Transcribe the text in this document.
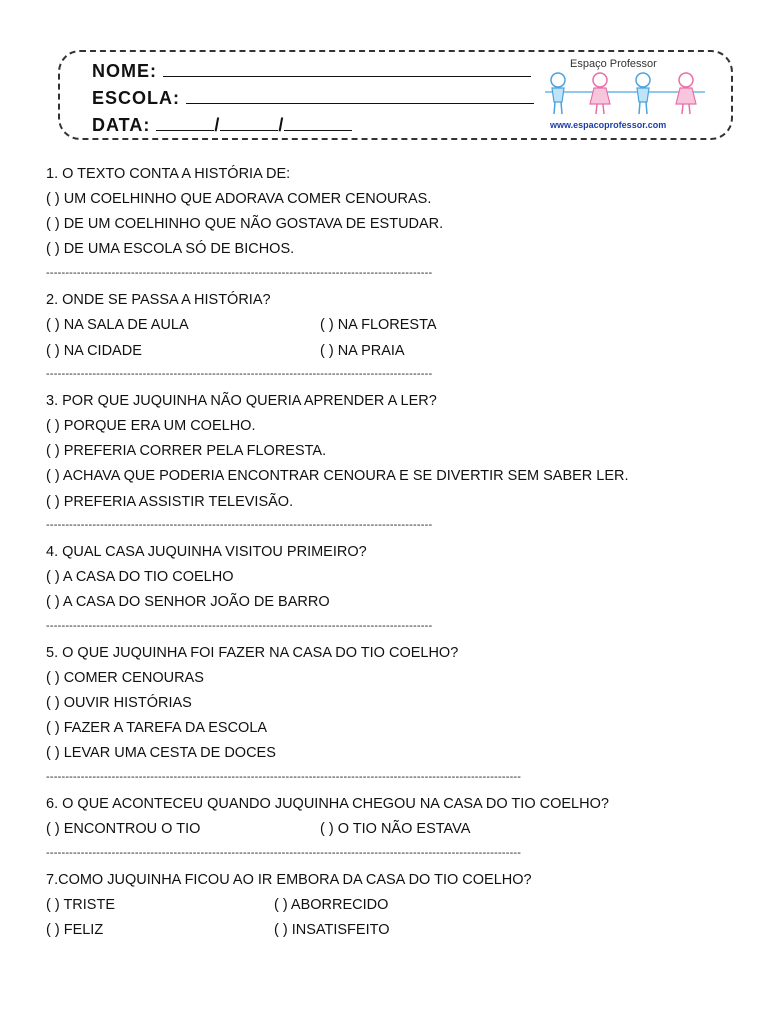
NOME:
ESCOLA:
DATA:	/	/
Espaço Professor
www.espacoprofessor.com
1. O TEXTO CONTA A HISTÓRIA DE:
( ) UM COELHINHO QUE ADORAVA COMER CENOURAS.
( ) DE UM COELHINHO QUE NÃO GOSTAVA DE ESTUDAR.
( ) DE UMA ESCOLA SÓ DE BICHOS.
----------------------------------------------------------------------------------------------------
2. ONDE SE PASSA A HISTÓRIA?
( ) NA SALA DE AULA	( ) NA FLORESTA
( ) NA CIDADE	( ) NA PRAIA
----------------------------------------------------------------------------------------------------
3. POR QUE JUQUINHA NÃO QUERIA APRENDER A LER?
( ) PORQUE ERA UM COELHO.
( ) PREFERIA CORRER PELA FLORESTA.
( ) ACHAVA QUE PODERIA ENCONTRAR CENOURA E SE DIVERTIR SEM SABER LER.
( ) PREFERIA ASSISTIR TELEVISÃO.
----------------------------------------------------------------------------------------------------
4. QUAL CASA JUQUINHA VISITOU PRIMEIRO?
( ) A CASA DO TIO COELHO
( ) A CASA DO SENHOR JOÃO DE BARRO
----------------------------------------------------------------------------------------------------
5. O QUE JUQUINHA FOI FAZER NA CASA DO TIO COELHO?
( ) COMER CENOURAS
( ) OUVIR HISTÓRIAS
( ) FAZER A TAREFA DA ESCOLA
( ) LEVAR UMA CESTA DE DOCES
---------------------------------------------------------------------------------------------------------------------------
6. O QUE ACONTECEU QUANDO JUQUINHA CHEGOU NA CASA DO TIO COELHO?
( ) ENCONTROU O TIO	( ) O TIO NÃO ESTAVA
---------------------------------------------------------------------------------------------------------------------------
7.COMO JUQUINHA FICOU AO IR EMBORA DA CASA DO TIO COELHO?
( ) TRISTE	( ) ABORRECIDO
( ) FELIZ	( ) INSATISFEITO
